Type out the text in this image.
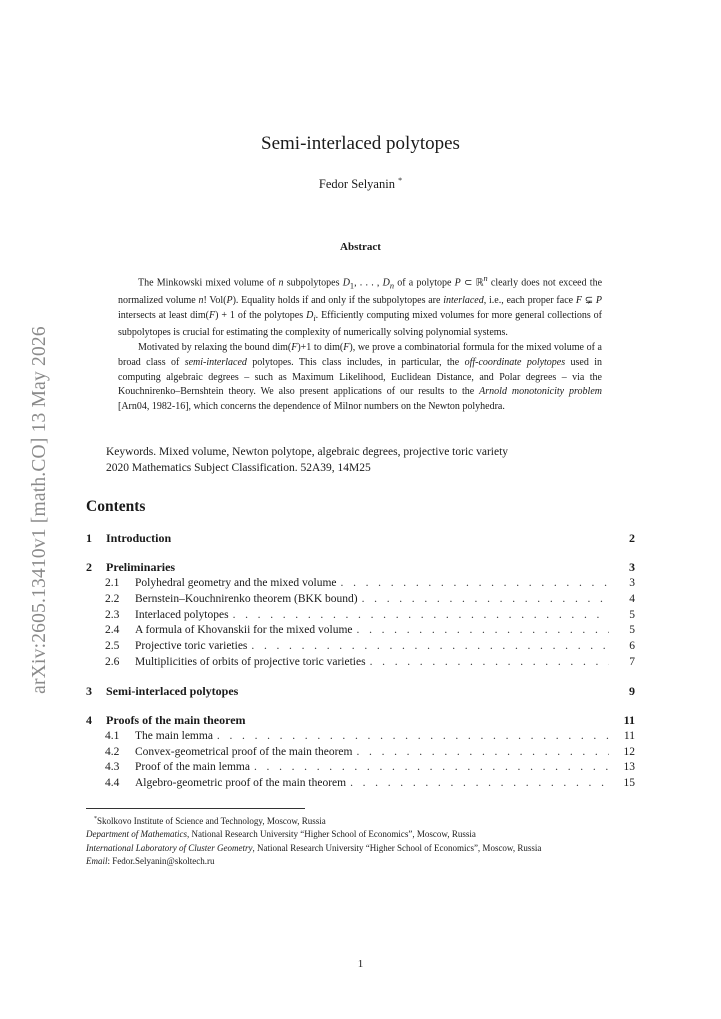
arXiv:2605.13410v1 [math.CO] 13 May 2026
Semi-interlaced polytopes
Fedor Selyanin *
Abstract

The Minkowski mixed volume of n subpolytopes $D_1$, . . . , $D_n$ of a polytope P ⊂ ℝ$^n$ clearly does not exceed the normalized volume n! Vol(P). Equality holds if and only if the subpolytopes are interlaced, i.e., each proper face F ⊊ P intersects at least dim(F) + 1 of the polytopes $D_i$. Efficiently computing mixed volumes for more general collections of subpolytopes is crucial for estimating the complexity of numerically solving polynomial systems.

Motivated by relaxing the bound dim(F)+1 to dim(F), we prove a combinatorial formula for the mixed volume of a broad class of semi-interlaced polytopes. This class includes, in particular, the off-coordinate polytopes used in computing algebraic degrees – such as Maximum Likelihood, Euclidean Distance, and Polar degrees – via the Kouchnirenko–Bernshtein theory. We also present applications of our results to the Arnold monotonicity problem [Arn04, 1982-16], which concerns the dependence of Milnor numbers on the Newton polyhedra.

Keywords. Mixed volume, Newton polytope, algebraic degrees, projective toric variety
2020 Mathematics Subject Classification. 52A39, 14M25
Contents
1	Introduction	2
2	Preliminaries	3
2.1	Polyhedral geometry and the mixed volume . . .	3
2.2	Bernstein–Kouchnirenko theorem (BKK bound) . . .	4
2.3	Interlaced polytopes . . .	5
2.4	A formula of Khovanskii for the mixed volume . . .	5
2.5	Projective toric varieties . . .	6
2.6	Multiplicities of orbits of projective toric varieties . . .	7
3	Semi-interlaced polytopes	9
4	Proofs of the main theorem	11
4.1	The main lemma . . .	11
4.2	Convex-geometrical proof of the main theorem . . .	12
4.3	Proof of the main lemma . . .	13
4.4	Algebro-geometric proof of the main theorem . . .	15
*Skolkovo Institute of Science and Technology, Moscow, Russia
Department of Mathematics, National Research University “Higher School of Economics”, Moscow, Russia
International Laboratory of Cluster Geometry, National Research University “Higher School of Economics”, Moscow, Russia
Email: Fedor.Selyanin@skoltech.ru
1
